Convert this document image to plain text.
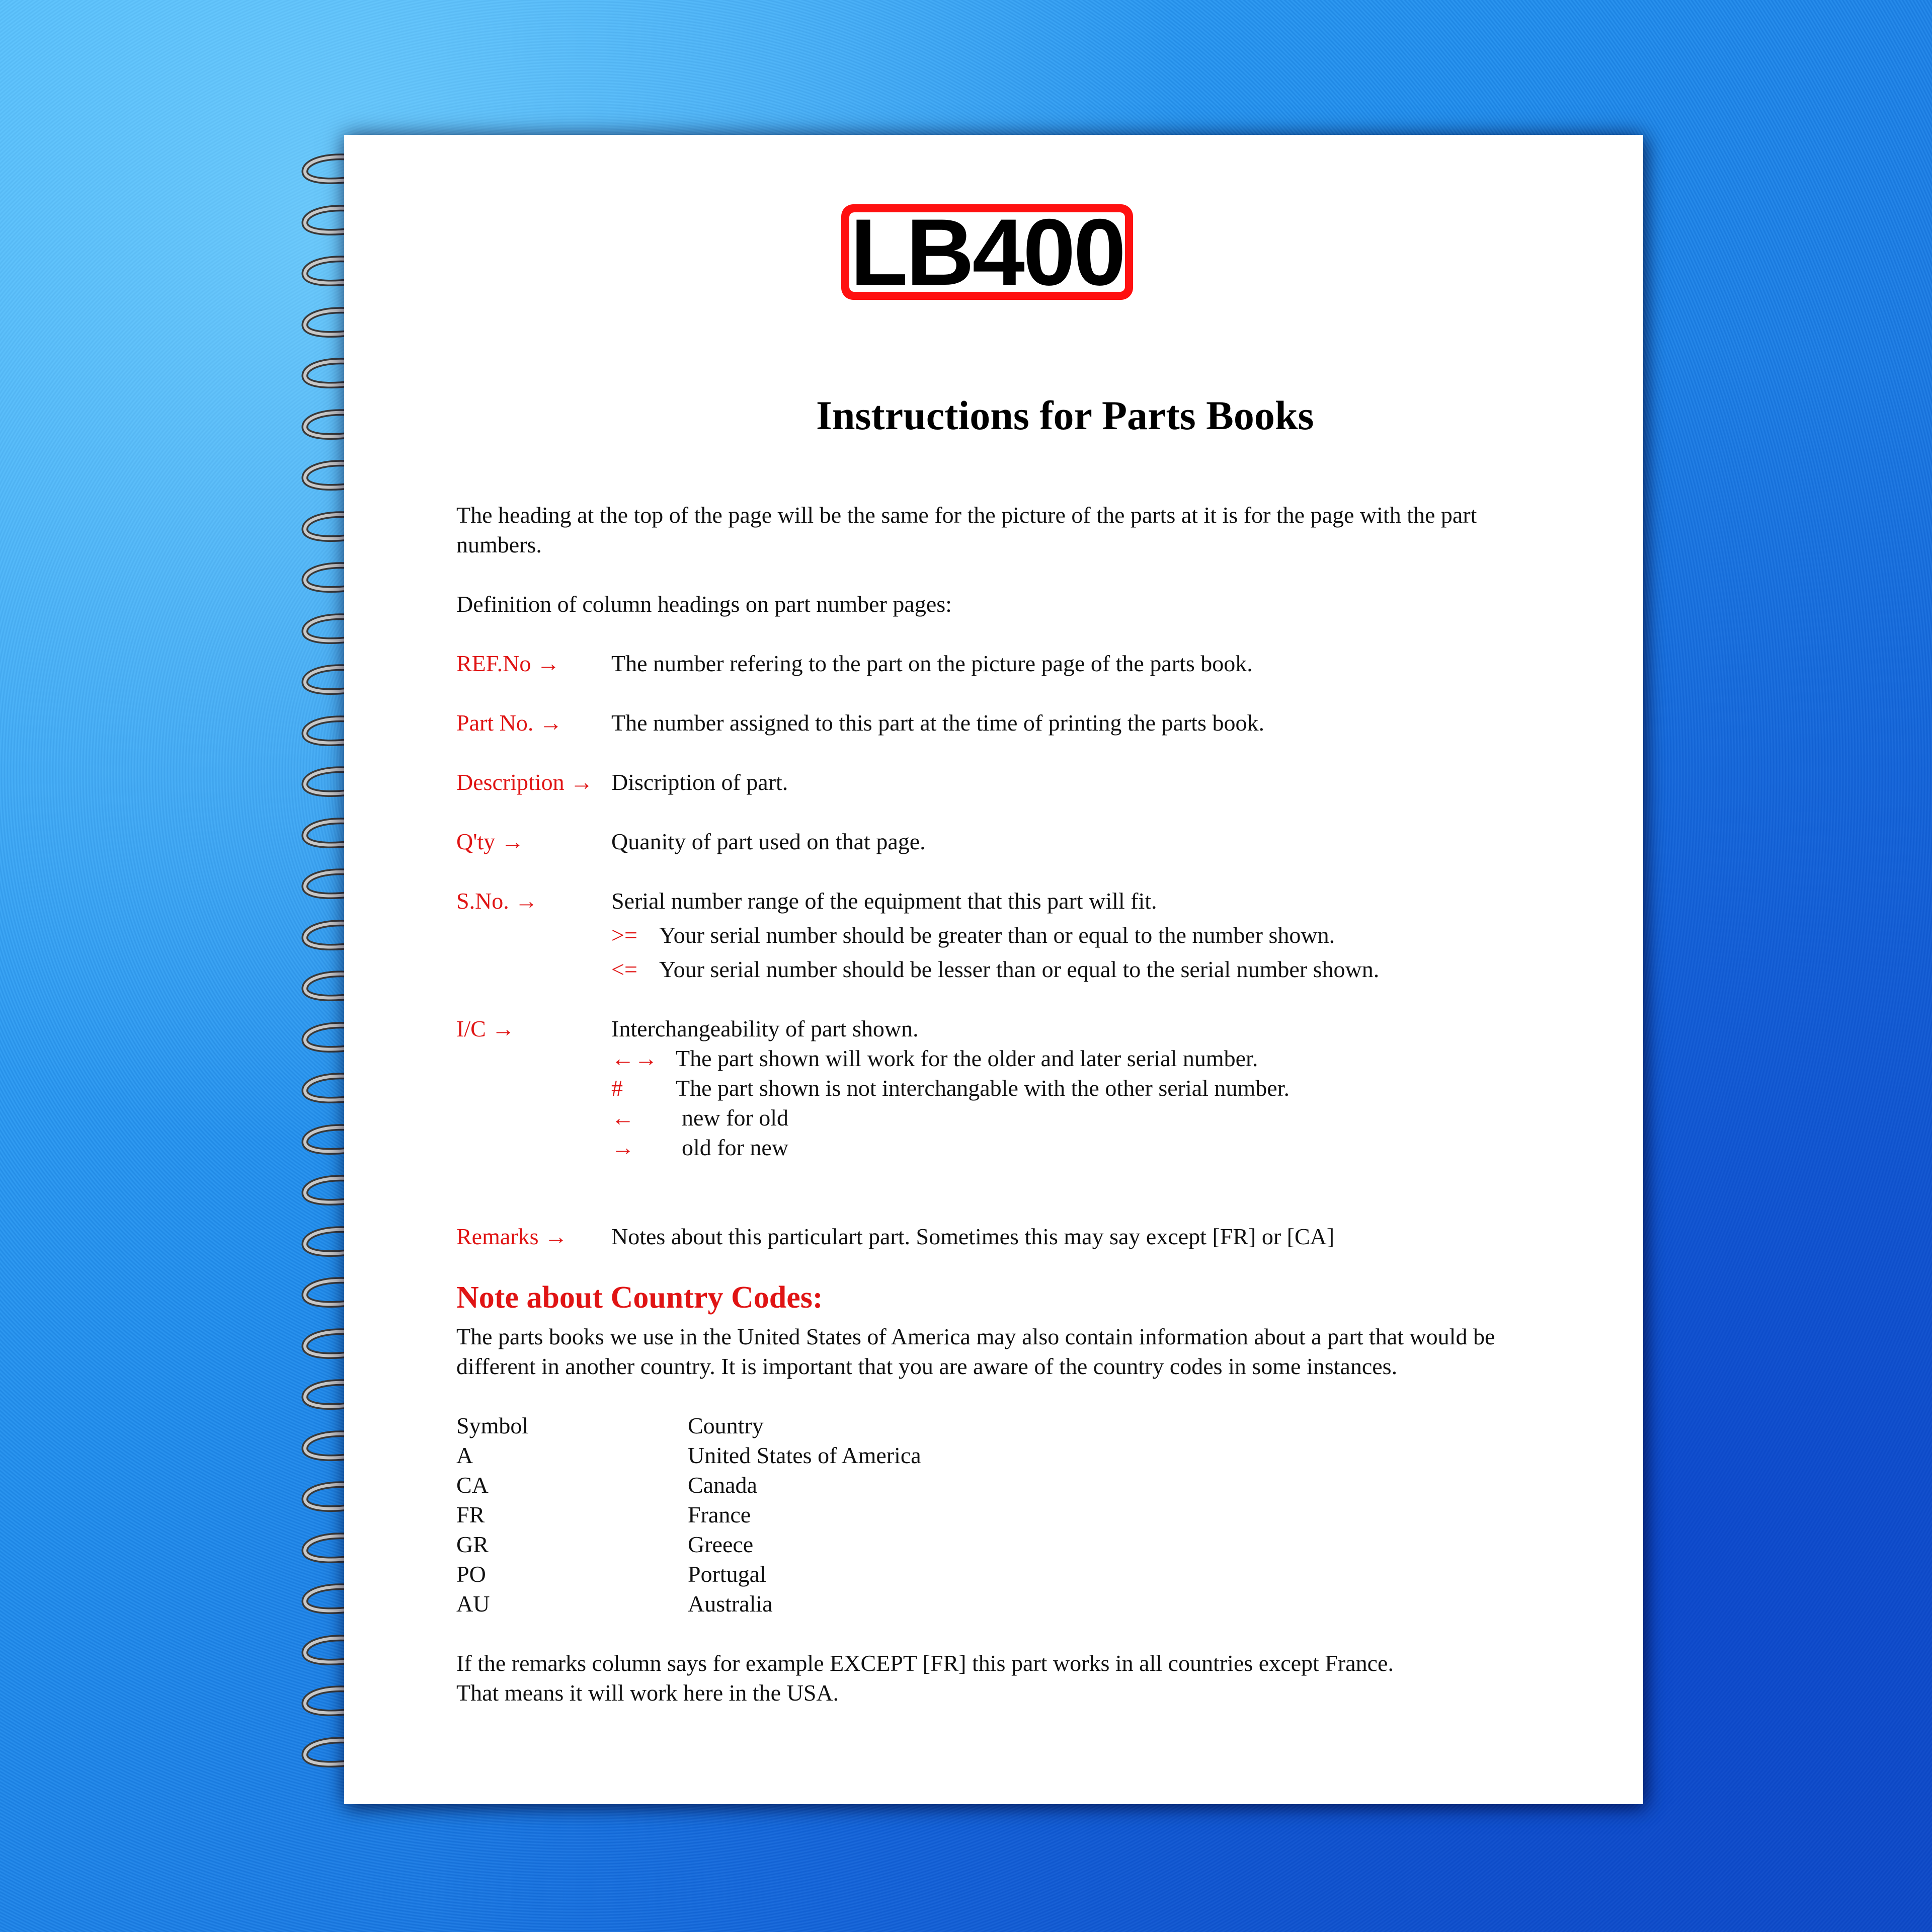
LB400
Instructions for Parts Books
The heading at the top of the page will be the same for the picture of the parts at it is for the page with the part
numbers.
Definition of column headings on part number pages:
REF.No → The number refering to the part on the picture page of the parts book.
Part No. → The number assigned to this part at the time of printing the parts book.
Description → Discription of part.
Q'ty →	Quanity of part used on that page.
S.No. →	Serial number range of the equipment that this part will fit.
>= Your serial number should be greater than or equal to the number shown.
<= Your serial number should be lesser than or equal to the serial number shown.
I/C →	Interchangeability of part shown.
←→ The part shown will work for the older and later serial number.
# The part shown is not interchangable with the other serial number.
← new for old
→ old for new
Remarks → Notes about this particulart part. Sometimes this may say except [FR] or [CA]
Note about Country Codes:
The parts books we use in the United States of America may also contain information about a part that would be
different in another country. It is important that you are aware of the country codes in some instances.
Symbol	Country
A	United States of America
CA	Canada
FR	France
GR	Greece
PO	Portugal
AU	Australia
If the remarks column says for example EXCEPT [FR] this part works in all countries except France.
That means it will work here in the USA.
